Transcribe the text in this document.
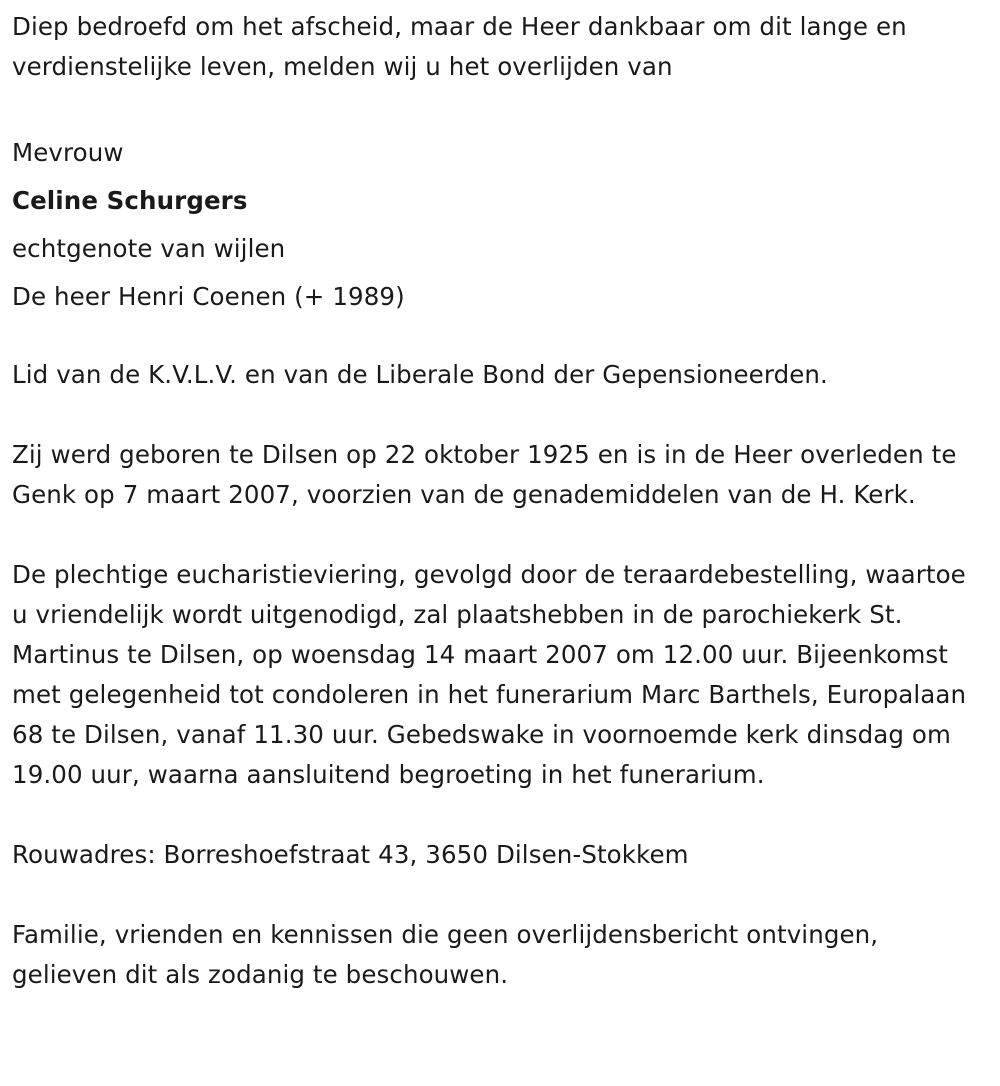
Diep bedroefd om het afscheid, maar de Heer dankbaar om dit lange en verdienstelijke leven, melden wij u het overlijden van

Mevrouw

Celine Schurgers

echtgenote van wijlen

De heer Henri Coenen (+ 1989)

Lid van de K.V.L.V. en van de Liberale Bond der Gepensioneerden.

Zij werd geboren te Dilsen op 22 oktober 1925 en is in de Heer overleden te Genk op 7 maart 2007, voorzien van de genademiddelen van de H. Kerk.

De plechtige eucharistieviering, gevolgd door de teraardebestelling, waartoe u vriendelijk wordt uitgenodigd, zal plaatshebben in de parochiekerk St. Martinus te Dilsen, op woensdag 14 maart 2007 om 12.00 uur. Bijeenkomst met gelegenheid tot condoleren in het funerarium Marc Barthels, Europalaan 68 te Dilsen, vanaf 11.30 uur. Gebedswake in voornoemde kerk dinsdag om 19.00 uur, waarna aansluitend begroeting in het funerarium.

Rouwadres: Borreshoefstraat 43, 3650 Dilsen-Stokkem

Familie, vrienden en kennissen die geen overlijdensbericht ontvingen, gelieven dit als zodanig te beschouwen.
